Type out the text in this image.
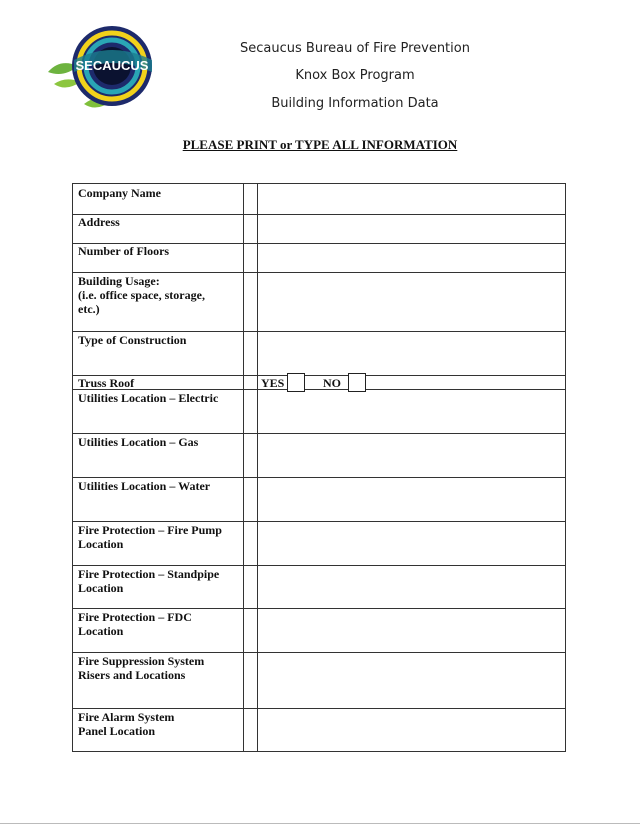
SECAUCUS
Secaucus Bureau of Fire Prevention
Knox Box Program
Building Information Data
PLEASE PRINT or TYPE ALL INFORMATION
Company Name
Address
Number of Floors
Building Usage:
(i.e. office space, storage,
etc.)
Type of Construction
Truss Roof
Utilities Location – Electric
Utilities Location – Gas
Utilities Location – Water
Fire Protection – Fire Pump
Location
Fire Protection – Standpipe
Location
Fire Protection – FDC
Location
Fire Suppression System
Risers and Locations
Fire Alarm System
Panel Location
YES	NO
